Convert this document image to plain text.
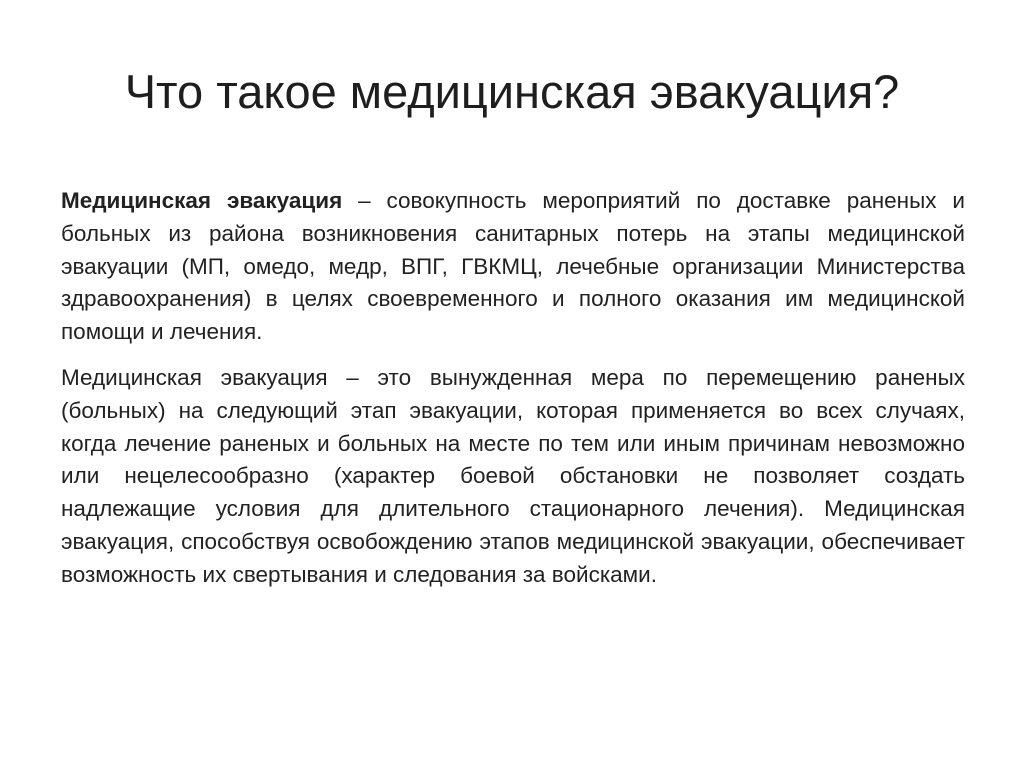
Что такое медицинская эвакуация?

Медицинская эвакуация – совокупность мероприятий по доставке раненых и больных из района возникновения санитарных потерь на этапы медицинской эвакуации (МП, омедо, медр, ВПГ, ГВКМЦ, лечебные организации Министерства здравоохранения) в целях своевременного и полного оказания им медицинской помощи и лечения.

Медицинская эвакуация – это вынужденная мера по перемещению раненых (больных) на следующий этап эвакуации, которая применяется во всех случаях, когда лечение раненых и больных на месте по тем или иным причинам невозможно или нецелесообразно (характер боевой обстановки не позволяет создать надлежащие условия для длительного стационарного лечения). Медицинская эвакуация, способствуя освобождению этапов медицинской эвакуации, обеспечивает возможность их свертывания и следования за войсками.
